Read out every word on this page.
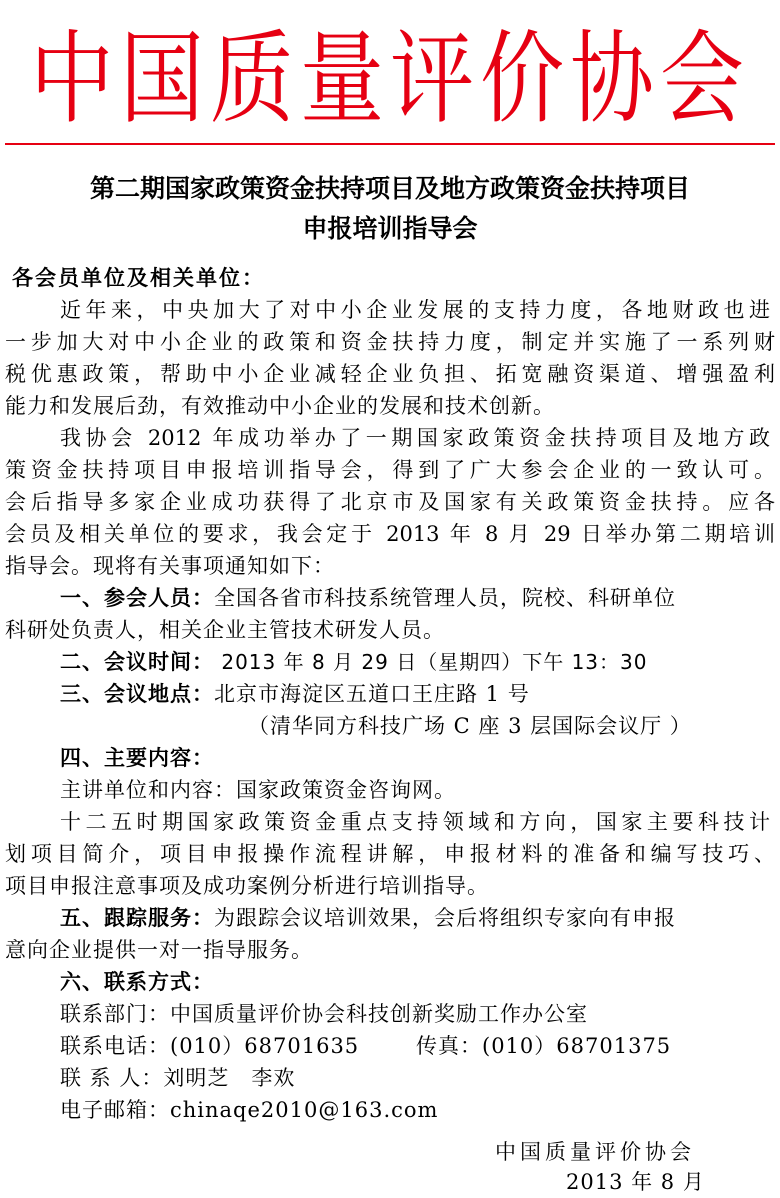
中国质量评价协会
第二期国家政策资金扶持项目及地方政策资金扶持项目
申报培训指导会
各会员单位及相关单位：
近年来，中央加大了对中小企业发展的支持力度，各地财政也进
一步加大对中小企业的政策和资金扶持力度，制定并实施了一系列财
税优惠政策，帮助中小企业减轻企业负担、拓宽融资渠道、增强盈利
能力和发展后劲，有效推动中小企业的发展和技术创新。
我协会 2012 年成功举办了一期国家政策资金扶持项目及地方政
策资金扶持项目申报培训指导会，得到了广大参会企业的一致认可。
会后指导多家企业成功获得了北京市及国家有关政策资金扶持。应各
会员及相关单位的要求，我会定于 2013 年 8 月 29 日举办第二期培训
指导会。现将有关事项通知如下：
一、参会人员：全国各省市科技系统管理人员，院校、科研单位
科研处负责人，相关企业主管技术研发人员。
二、会议时间： 2013 年 8 月 29 日（星期四）下午 13：30
三、会议地点：北京市海淀区五道口王庄路 1 号
（清华同方科技广场 C 座 3 层国际会议厅 ）
四、主要内容：
主讲单位和内容：国家政策资金咨询网。
十二五时期国家政策资金重点支持领域和方向，国家主要科技计
划项目简介，项目申报操作流程讲解，申报材料的准备和编写技巧、
项目申报注意事项及成功案例分析进行培训指导。
五、跟踪服务：为跟踪会议培训效果，会后将组织专家向有申报
意向企业提供一对一指导服务。
六、联系方式：
联系部门：中国质量评价协会科技创新奖励工作办公室
联系电话：(010）68701635	传真：(010）68701375
联 系 人：刘明芝　李欢
电子邮箱：chinaqe2010@163.com
中国质量评价协会
2013 年 8 月
